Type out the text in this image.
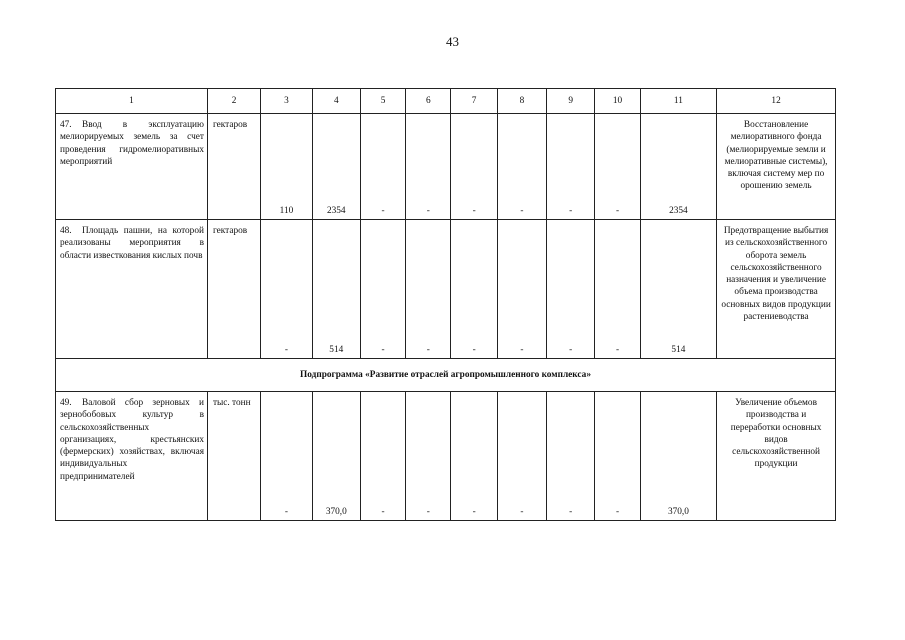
43
1	2	3	4	5	6	7	8	9	10	11	12
47. Ввод в эксплуатацию мелиорируемых земель за счет проведения гидромелиоративных мероприятий	гектаров	110	2354	-	-	-	-	-	-	2354	Восстановление мелиоративного фонда (мелиорируемые земли и мелиоративные системы), включая систему мер по орошению земель
48. Площадь пашни, на которой реализованы мероприятия в области известкования кислых почв	гектаров	-	514	-	-	-	-	-	-	514	Предотвращение выбытия из сельскохозяйственного оборота земель сельскохозяйственного назначения и увеличение объема производства основных видов продукции растениеводства
Подпрограмма «Развитие отраслей агропромышленного комплекса»											
49. Валовой сбор зерновых и зернобобовых культур в сельскохозяйственных организациях, крестьянских (фермерских) хозяйствах, включая индивидуальных предпринимателей	тыс. тонн	-	370,0	-	-	-	-	-	-	370,0	Увеличение объемов производства и переработки основных видов сельскохозяйственной продукции
